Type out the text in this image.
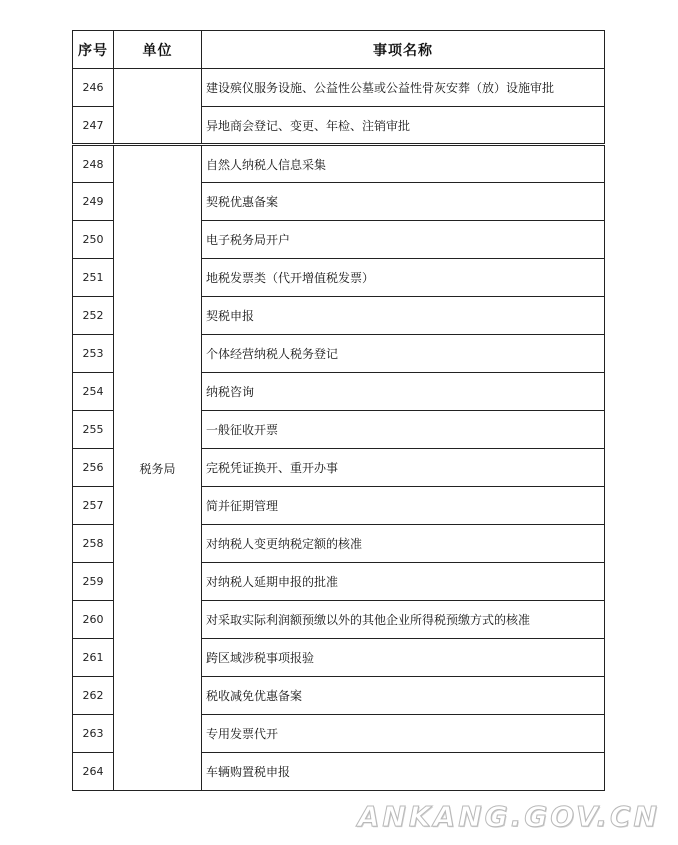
序号	单位	事项名称
246		建设殡仪服务设施、公益性公墓或公益性骨灰安葬（放）设施审批
247		异地商会登记、变更、年检、注销审批
248	税务局	自然人纳税人信息采集
249		契税优惠备案
250		电子税务局开户
251		地税发票类（代开增值税发票）
252		契税申报
253		个体经营纳税人税务登记
254		纳税咨询
255		一般征收开票
256		完税凭证换开、重开办事
257		简并征期管理
258		对纳税人变更纳税定额的核准
259		对纳税人延期申报的批准
260		对采取实际利润额预缴以外的其他企业所得税预缴方式的核准
261		跨区域涉税事项报验
262		税收减免优惠备案
263		专用发票代开
264		车辆购置税申报
ANKANG.GOV.CN
